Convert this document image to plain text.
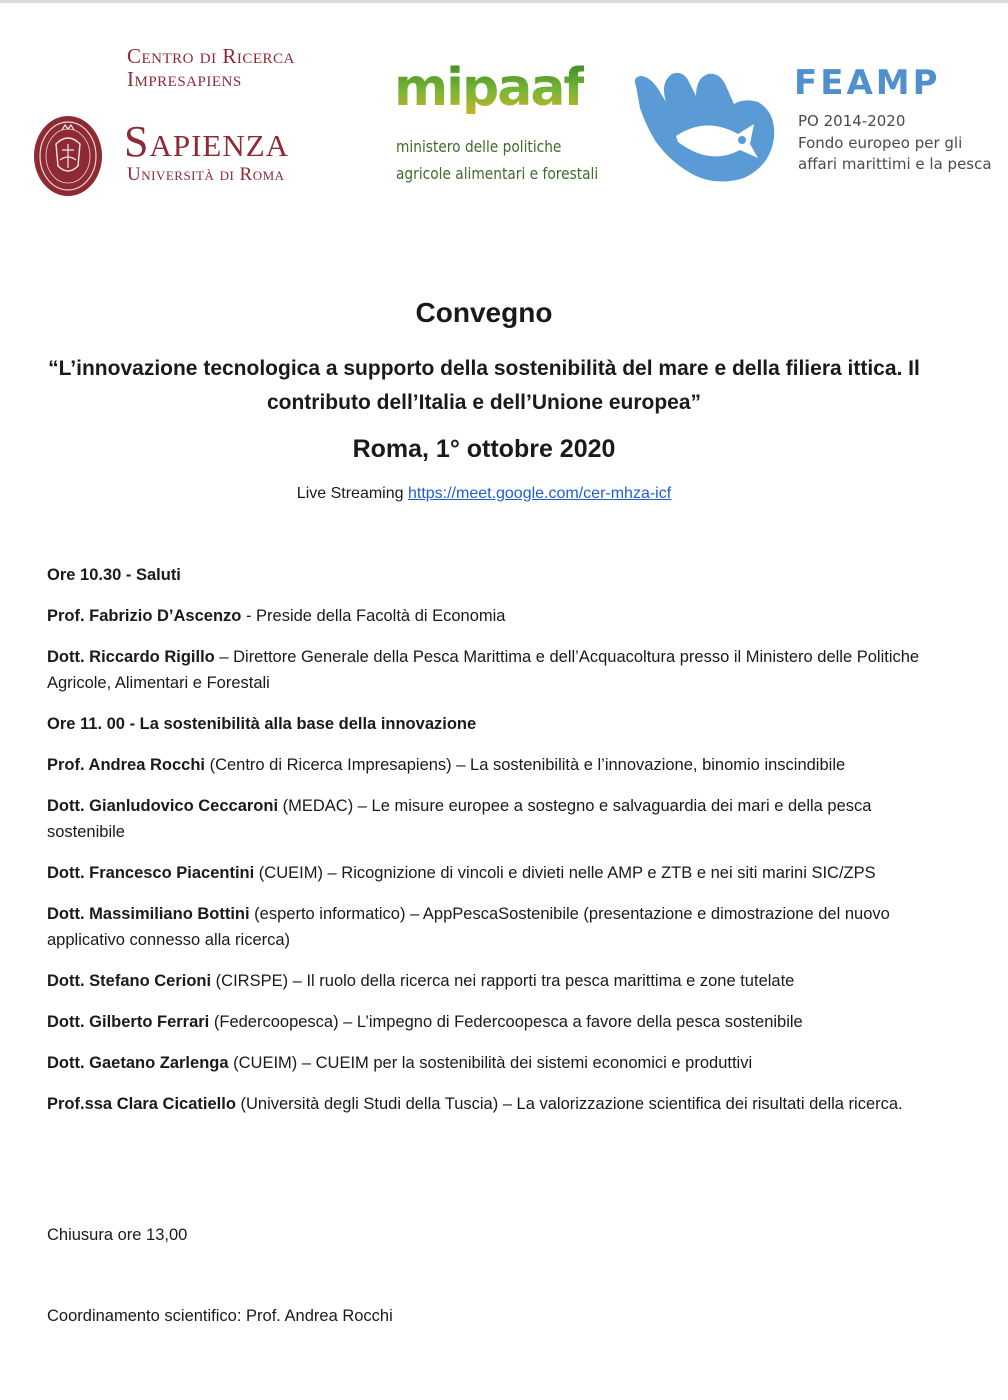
Centro di Ricerca
Impresapiens
Sapienza
Università di Roma
mipaaf
ministero delle politiche
agricole alimentari e forestali
FEAMP
PO 2014-2020
Fondo europeo per gli
affari marittimi e la pesca
Convegno
“L’innovazione tecnologica a supporto della sostenibilità del mare e della filiera ittica. Il contributo dell’Italia e dell’Unione europea”
Roma, 1° ottobre 2020
Live Streaming https://meet.google.com/cer-mhza-icf
Ore 10.30 - Saluti
Prof. Fabrizio D’Ascenzo - Preside della Facoltà di Economia
Dott. Riccardo Rigillo – Direttore Generale della Pesca Marittima e dell’Acquacoltura presso il Ministero delle Politiche Agricole, Alimentari e Forestali
Ore 11. 00 - La sostenibilità alla base della innovazione
Prof. Andrea Rocchi (Centro di Ricerca Impresapiens) – La sostenibilità e l’innovazione, binomio inscindibile
Dott. Gianludovico Ceccaroni (MEDAC) – Le misure europee a sostegno e salvaguardia dei mari e della pesca sostenibile
Dott. Francesco Piacentini (CUEIM) – Ricognizione di vincoli e divieti nelle AMP e ZTB e nei siti marini SIC/ZPS
Dott. Massimiliano Bottini (esperto informatico) – AppPescaSostenibile (presentazione e dimostrazione del nuovo applicativo connesso alla ricerca)
Dott. Stefano Cerioni (CIRSPE) – Il ruolo della ricerca nei rapporti tra pesca marittima e zone tutelate
Dott. Gilberto Ferrari (Federcoopesca) – L’impegno di Federcoopesca a favore della pesca sostenibile
Dott. Gaetano Zarlenga (CUEIM) – CUEIM per la sostenibilità dei sistemi economici e produttivi
Prof.ssa Clara Cicatiello (Università degli Studi della Tuscia) – La valorizzazione scientifica dei risultati della ricerca.
Chiusura ore 13,00
Coordinamento scientifico: Prof. Andrea Rocchi
